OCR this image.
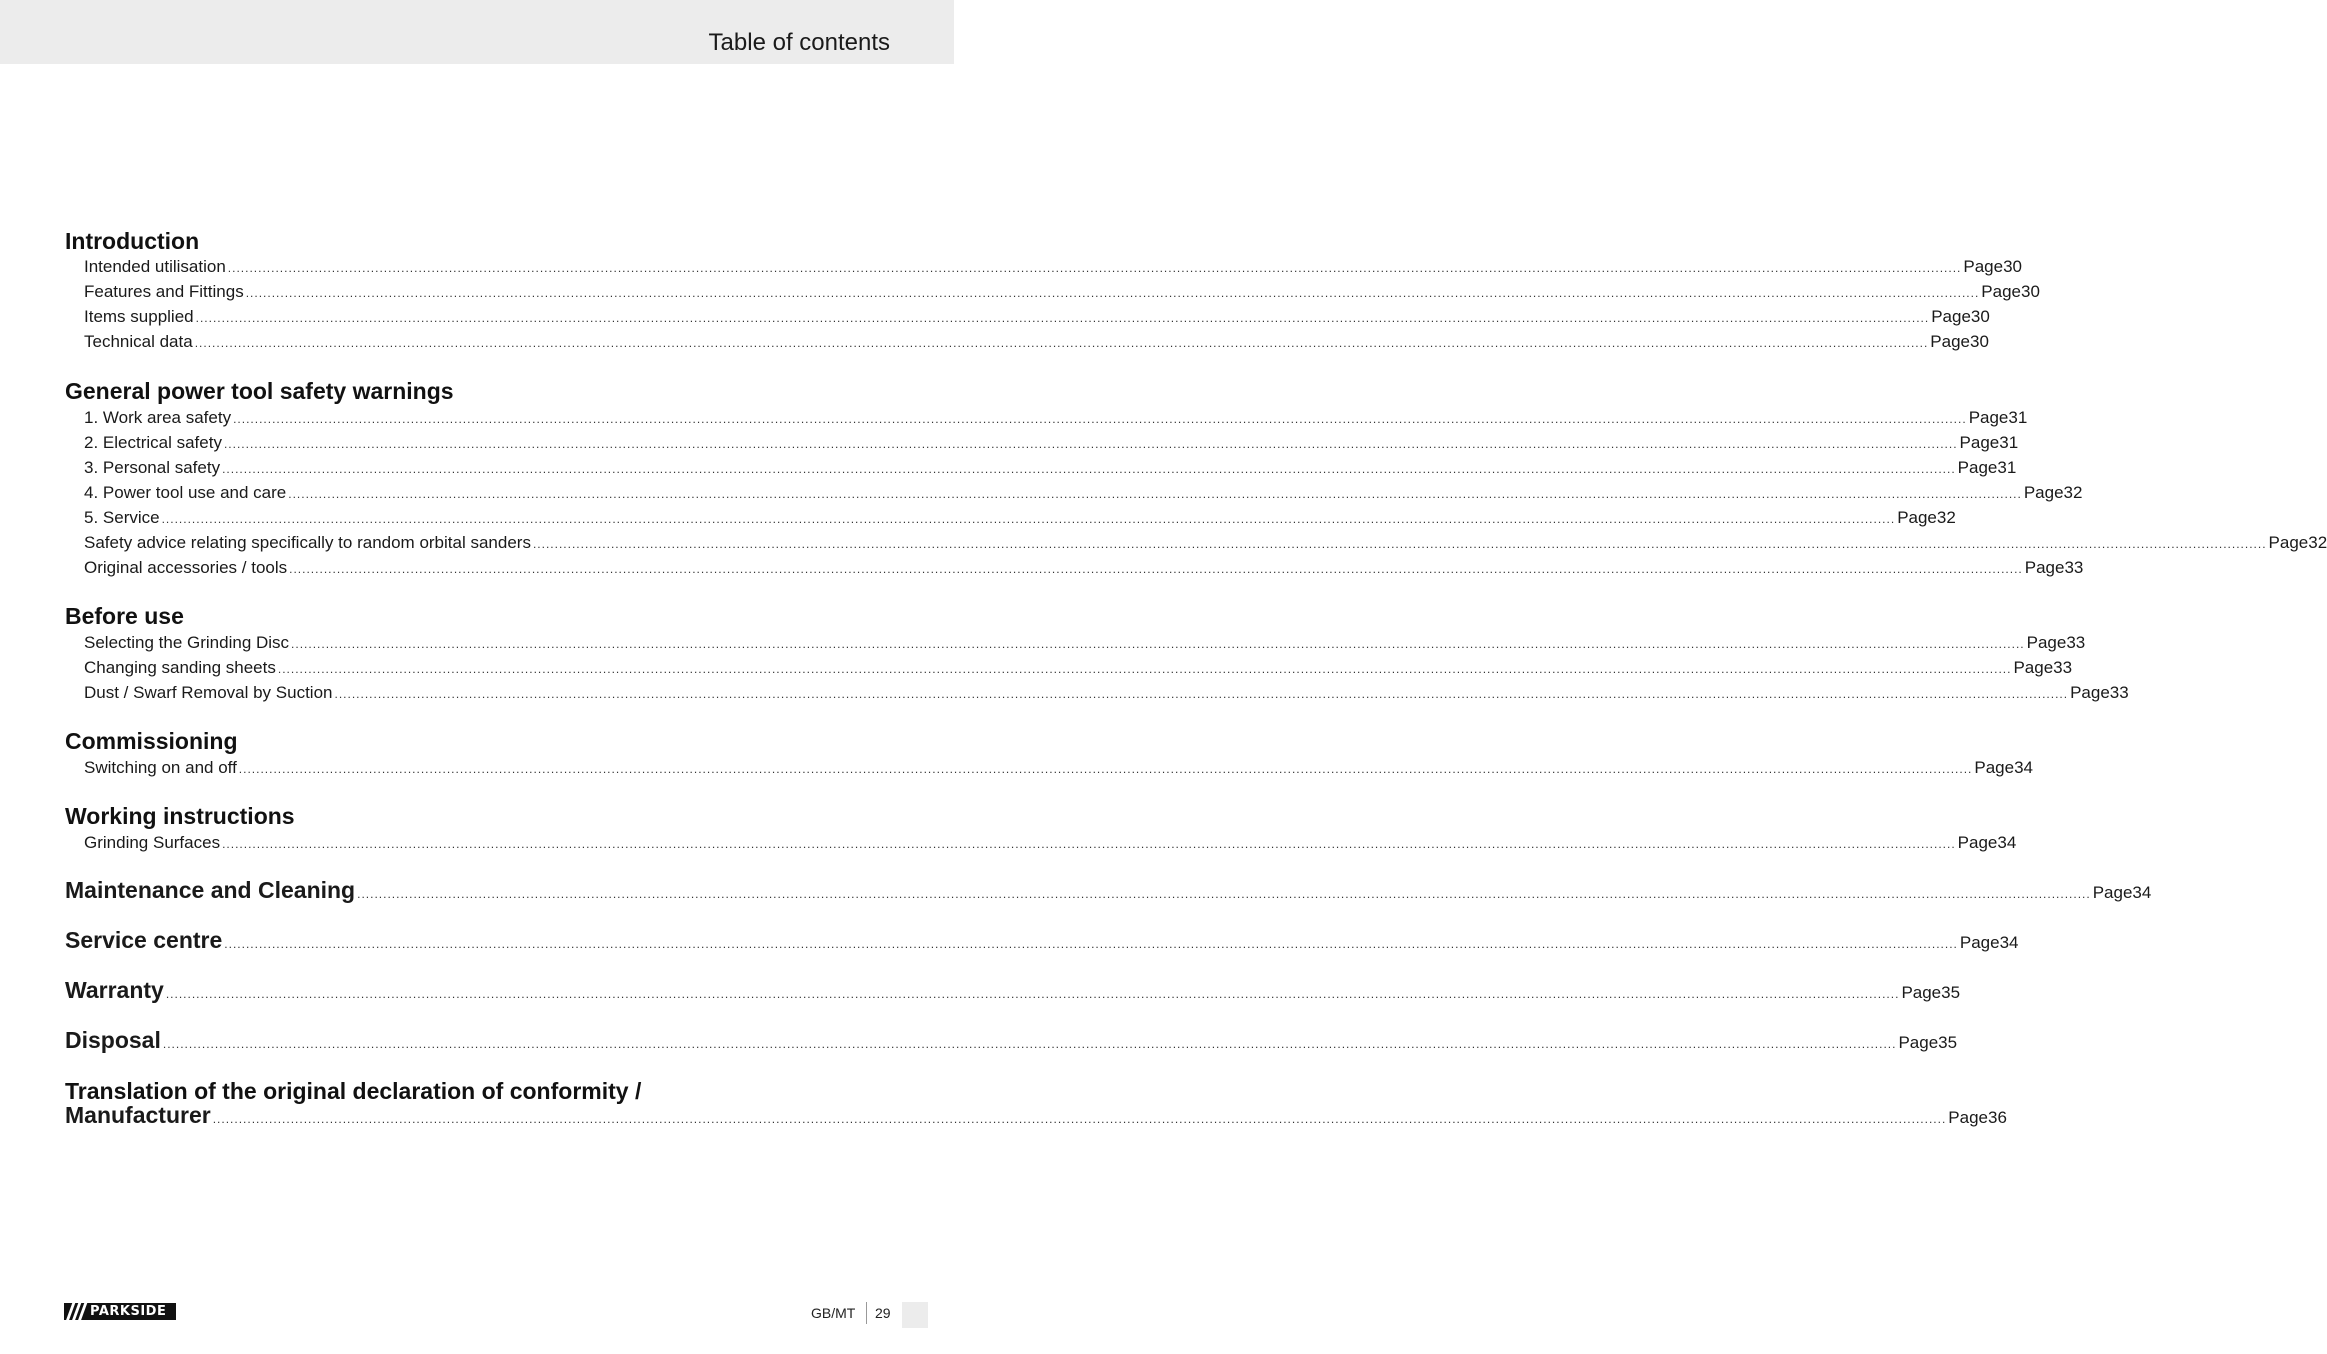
Table of contents
Introduction
Intended utilisation ................................................................................................................................................................................................................................................................................................................................................................................................................ Page 30
Features and Fittings ................................................................................................................................................................................................................................................................................................................................................................................................................ Page 30
Items supplied ................................................................................................................................................................................................................................................................................................................................................................................................................ Page 30
Technical data ................................................................................................................................................................................................................................................................................................................................................................................................................ Page 30
General power tool safety warnings
1. Work area safety ................................................................................................................................................................................................................................................................................................................................................................................................................ Page 31
2. Electrical safety ................................................................................................................................................................................................................................................................................................................................................................................................................ Page 31
3. Personal safety ................................................................................................................................................................................................................................................................................................................................................................................................................ Page 31
4. Power tool use and care ................................................................................................................................................................................................................................................................................................................................................................................................................ Page 32
5. Service ................................................................................................................................................................................................................................................................................................................................................................................................................ Page 32
Safety advice relating specifically to random orbital sanders ................................................................................................................................................................................................................................................................................................................................................................................................................ Page 32
Original accessories / tools ................................................................................................................................................................................................................................................................................................................................................................................................................ Page 33
Before use
Selecting the Grinding Disc ................................................................................................................................................................................................................................................................................................................................................................................................................ Page 33
Changing sanding sheets ................................................................................................................................................................................................................................................................................................................................................................................................................ Page 33
Dust / Swarf Removal by Suction ................................................................................................................................................................................................................................................................................................................................................................................................................ Page 33
Commissioning
Switching on and off ................................................................................................................................................................................................................................................................................................................................................................................................................ Page 34
Working instructions
Grinding Surfaces ................................................................................................................................................................................................................................................................................................................................................................................................................ Page 34
Maintenance and Cleaning ................................................................................................................................................................................................................................................................................................................................................................................................................ Page 34
Service centre ................................................................................................................................................................................................................................................................................................................................................................................................................ Page 34
Warranty ................................................................................................................................................................................................................................................................................................................................................................................................................ Page 35
Disposal ................................................................................................................................................................................................................................................................................................................................................................................................................ Page 35
Translation of the original declaration of conformity /
Manufacturer ................................................................................................................................................................................................................................................................................................................................................................................................................ Page 36
PARKSIDE	GB/MT 29
